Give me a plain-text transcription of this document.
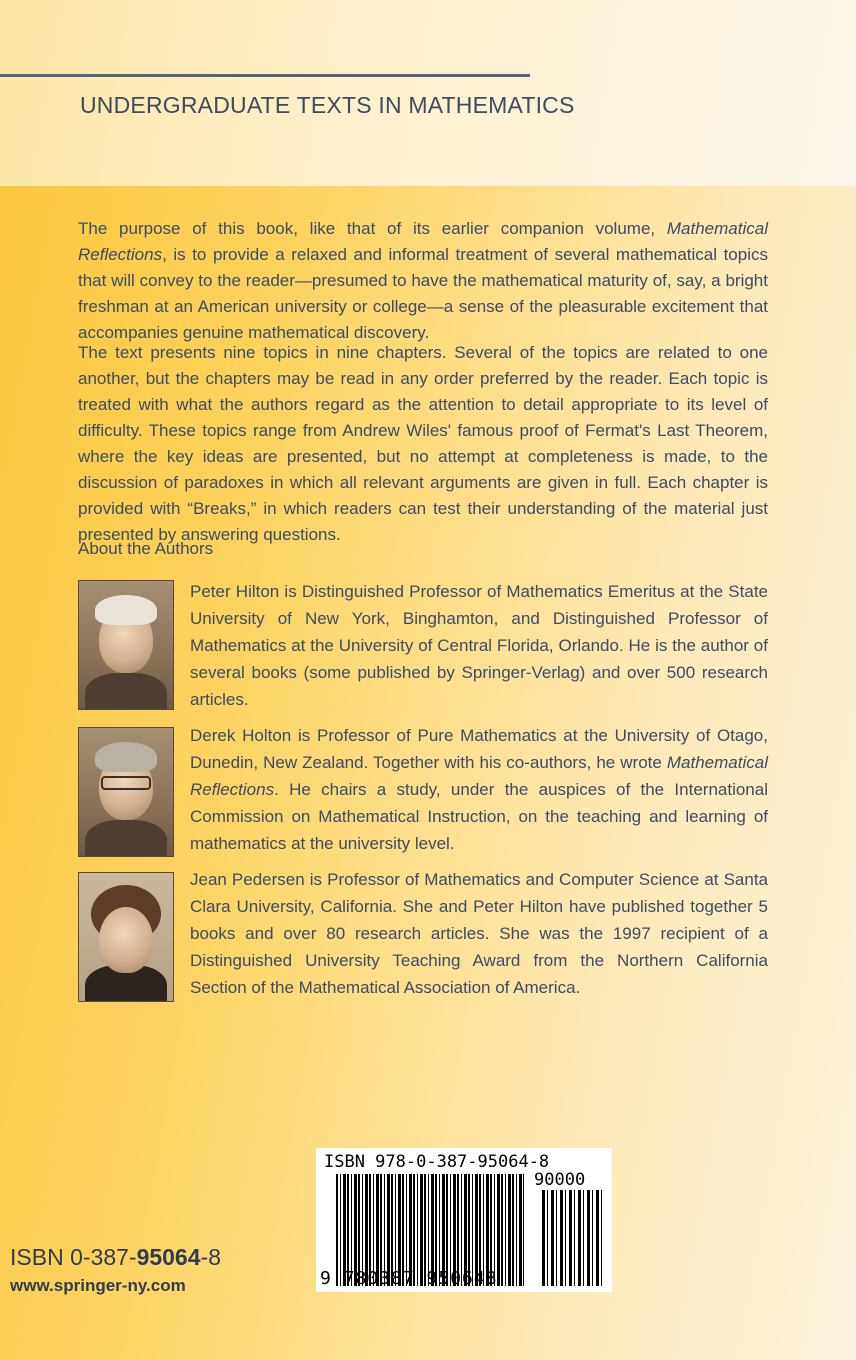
UNDERGRADUATE TEXTS IN MATHEMATICS
The purpose of this book, like that of its earlier companion volume, Mathematical Reflections, is to provide a relaxed and informal treatment of several mathematical topics that will convey to the reader—presumed to have the mathematical maturity of, say, a bright freshman at an American university or college—a sense of the pleasurable excitement that accompanies genuine mathematical discovery.
The text presents nine topics in nine chapters. Several of the topics are related to one another, but the chapters may be read in any order preferred by the reader. Each topic is treated with what the authors regard as the attention to detail appropriate to its level of difficulty. These topics range from Andrew Wiles' famous proof of Fermat's Last Theorem, where the key ideas are presented, but no attempt at completeness is made, to the discussion of paradoxes in which all relevant arguments are given in full. Each chapter is provided with “Breaks,” in which readers can test their understanding of the material just presented by answering questions.
About the Authors
Peter Hilton is Distinguished Professor of Mathematics Emeritus at the State University of New York, Binghamton, and Distinguished Professor of Mathematics at the University of Central Florida, Orlando. He is the author of several books (some published by Springer-Verlag) and over 500 research articles.
Derek Holton is Professor of Pure Mathematics at the University of Otago, Dunedin, New Zealand. Together with his co-authors, he wrote Mathematical Reflections. He chairs a study, under the auspices of the International Commission on Mathematical Instruction, on the teaching and learning of mathematics at the university level.
Jean Pedersen is Professor of Mathematics and Computer Science at Santa Clara University, California. She and Peter Hilton have published together 5 books and over 80 research articles. She was the 1997 recipient of a Distinguished University Teaching Award from the Northern California Section of the Mathematical Association of America.
ISBN 0-387-95064-8
www.springer-ny.com
ISBN 978-0-387-95064-8
90000
9 780387 950648
